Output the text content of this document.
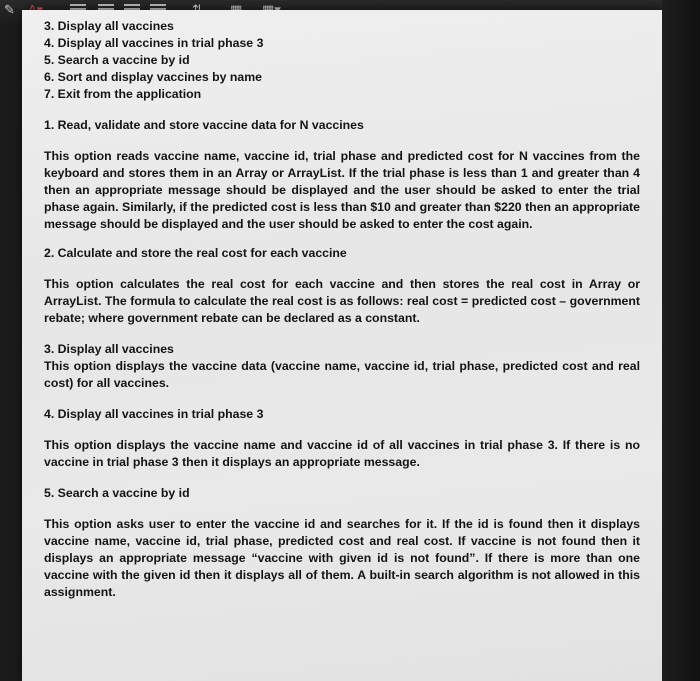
✎

3. Display all vaccines

4. Display all vaccines in trial phase 3

5. Search a vaccine by id

6. Sort and display vaccines by name

7. Exit from the application

1. Read, validate and store vaccine data for N vaccines

This option reads vaccine name, vaccine id, trial phase and predicted cost for N vaccines from the keyboard and stores them in an Array or ArrayList. If the trial phase is less than 1 and greater than 4 then an appropriate message should be displayed and the user should be asked to enter the trial phase again. Similarly, if the predicted cost is less than $10 and greater than $220 then an appropriate message should be displayed and the user should be asked to enter the cost again.

2. Calculate and store the real cost for each vaccine

This option calculates the real cost for each vaccine and then stores the real cost in Array or ArrayList. The formula to calculate the real cost is as follows: real cost = predicted cost – government rebate; where government rebate can be declared as a constant.

3. Display all vaccines

This option displays the vaccine data (vaccine name, vaccine id, trial phase, predicted cost and real cost) for all vaccines.

4. Display all vaccines in trial phase 3

This option displays the vaccine name and vaccine id of all vaccines in trial phase 3. If there is no vaccine in trial phase 3 then it displays an appropriate message.

5. Search a vaccine by id

This option asks user to enter the vaccine id and searches for it. If the id is found then it displays vaccine name, vaccine id, trial phase, predicted cost and real cost. If vaccine is not found then it displays an appropriate message “vaccine with given id is not found”. If there is more than one vaccine with the given id then it displays all of them. A built-in search algorithm is not allowed in this assignment.
